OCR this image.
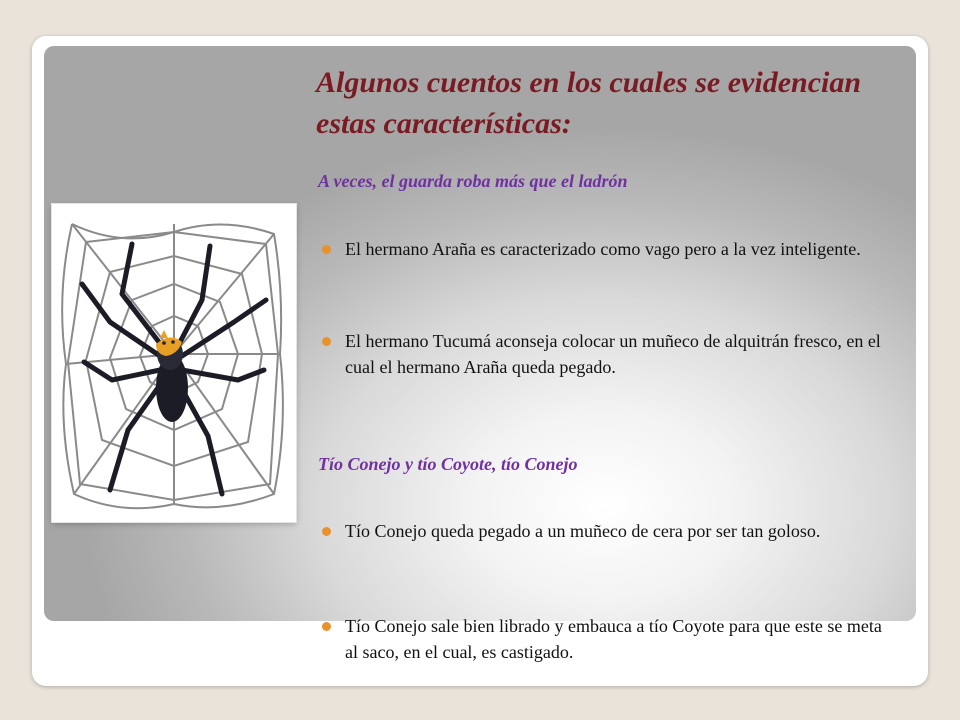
Algunos cuentos en los cuales se evidencian estas características:

A veces, el guarda roba más que el ladrón

El hermano Araña es caracterizado como vago pero a la vez inteligente.
El hermano Tucumá aconseja colocar un muñeco de alquitrán fresco, en el cual el hermano Araña queda pegado.

Tío Conejo y tío Coyote, tío Conejo

Tío Conejo queda pegado a un muñeco de cera por ser tan goloso.
Tío Conejo sale bien librado y embauca a tío Coyote para que este se meta al saco, en el cual, es castigado.
